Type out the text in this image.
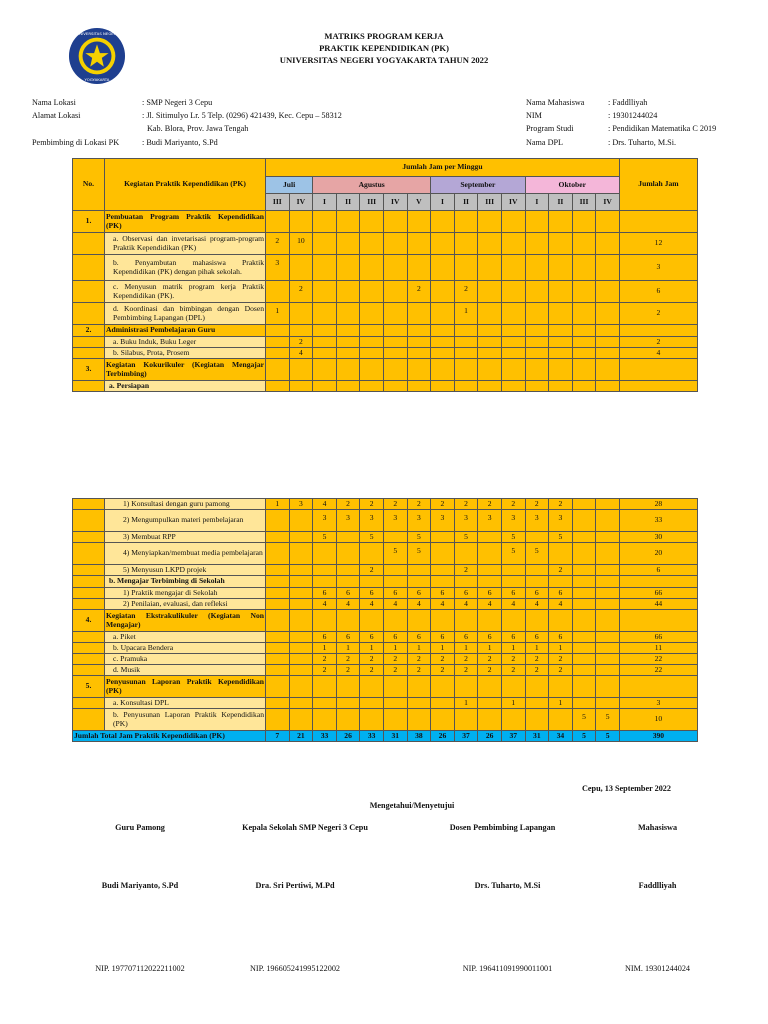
UNIVERSITAS NEGERI
YOGYAKARTA
MATRIKS PROGRAM KERJA
PRAKTIK KEPENDIDIKAN (PK)
UNIVERSITAS NEGERI YOGYAKARTA TAHUN 2022
Nama Lokasi	: SMP Negeri 3 Cepu
Alamat Lokasi	: Jl. Sitimulyo Lr. 5 Telp. (0296) 421439, Kec. Cepu – 58312
Kab. Blora, Prov. Jawa Tengah
Pembimbing di Lokasi PK	: Budi Mariyanto, S.Pd
Nama Mahasiswa	: Faddlliyah
NIM	: 19301244024
Program Studi	: Pendidikan Matematika C 2019
Nama DPL	: Drs. Tuharto, M.Si.
No.	Kegiatan Praktik Kependidikan (PK)	Jumlah Jam per Minggu															Jumlah Jam
		Juli		Agustus					September				Oktober				
		III	IV	I	II	III	IV	V	I	II	III	IV	I	II	III	IV	
1.	Pembuatan Program Praktik Kependidikan (PK)																
	a. Observasi dan invetarisasi program-program Praktik Kependidikan (PK)	2	10														12
	b. Penyambutan mahasiswa Praktik Kependidikan (PK) dengan pihak sekolah.	3															3
	c. Menyusun matrik program kerja Praktik Kependidikan (PK).		2					2		2							6
	d. Koordinasi dan bimbingan dengan Dosen Pembimbing Lapangan (DPL)	1								1							2
2.	Administrasi Pembelajaran Guru																
	a. Buku Induk, Buku Leger		2														2
	b. Silabus, Prota, Prosem		4														4
3.	Kegiatan Kokurikuler (Kegiatan Mengajar Terbimbing)																
	a. Persiapan																
	1) Konsultasi dengan guru pamong	1	3	4	2	2	2	2	2	2	2	2	2	2			28
	2) Mengumpulkan materi pembelajaran			3	3	3	3	3	3	3	3	3	3	3			33
	3) Membuat RPP			5		5		5		5		5		5			30
	4) Menyiapkan/membuat media pembelajaran						5	5				5	5				20
	5) Menyusun LKPD projek					2				2				2			6
	b. Mengajar Terbimbing di Sekolah																
	1) Praktik mengajar di Sekolah			6	6	6	6	6	6	6	6	6	6	6			66
	2) Penilaian, evaluasi, dan refleksi			4	4	4	4	4	4	4	4	4	4	4			44
4.	Kegiatan Ekstrakulikuler (Kegiatan Non Mengajar)																
	a. Piket			6	6	6	6	6	6	6	6	6	6	6			66
	b. Upacara Bendera			1	1	1	1	1	1	1	1	1	1	1			11
	c. Pramuka			2	2	2	2	2	2	2	2	2	2	2			22
	d. Musik			2	2	2	2	2	2	2	2	2	2	2			22
5.	Penyusunan Laporan Praktik Kependidikan (PK)																
	a. Konsultasi DPL									1		1		1			3
	b. Penyusunan Laporan Praktik Kependidikan (PK)														5	5	10
Jumlah Total Jam Praktik Kependidikan (PK)		7	21	33	26	33	31	38	26	37	26	37	31	34	5	5	390
Cepu, 13 September 2022
Mengetahui/Menyetujui
Guru Pamong	Kepala Sekolah SMP Negeri 3 Cepu	Dosen Pembimbing Lapangan	Mahasiswa
Budi Mariyanto, S.Pd	Dra. Sri Pertiwi, M.Pd	Drs. Tuharto, M.Si	Faddlliyah
NIP. 197707112022211002	NIP. 196605241995122002	NIP. 196411091990011001	NIM. 19301244024
